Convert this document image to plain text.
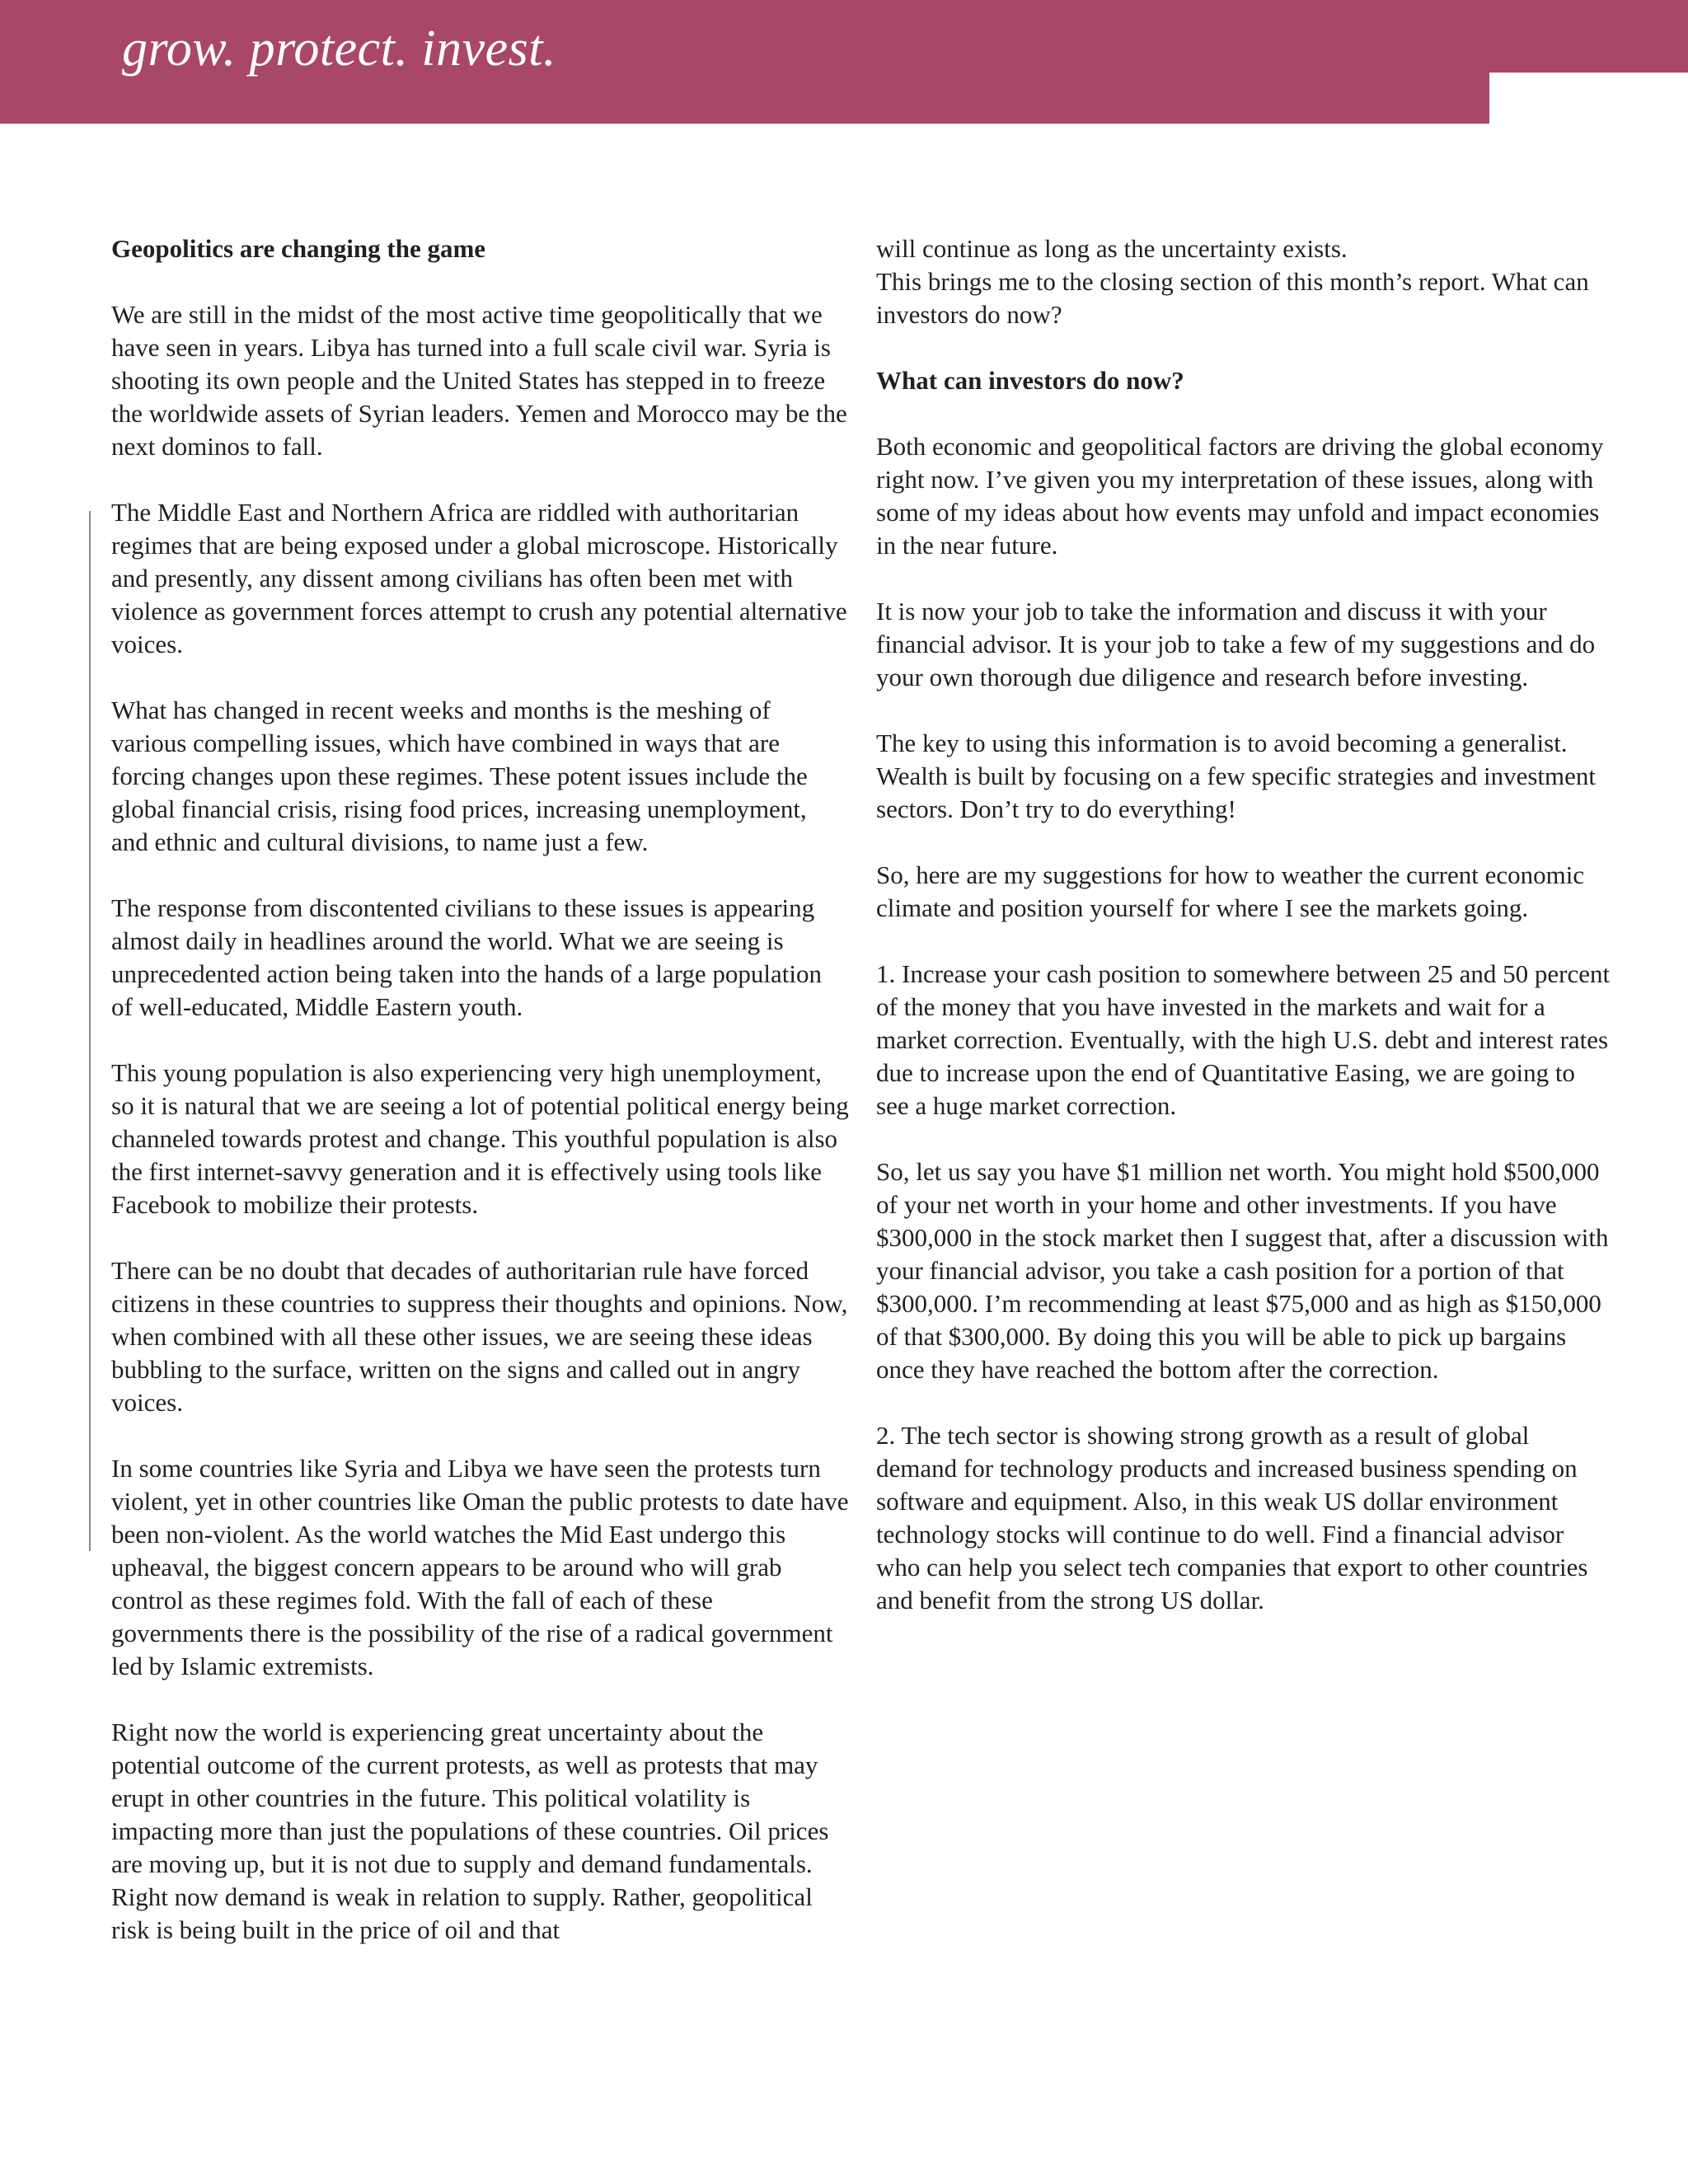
grow. protect. invest.
Geopolitics are changing the game

We are still in the midst of the most active time geopolitically that we have seen in years. Libya has turned into a full scale civil war. Syria is shooting its own people and the United States has stepped in to freeze the worldwide assets of Syrian leaders. Yemen and Morocco may be the next dominos to fall.

The Middle East and Northern Africa are riddled with authoritarian regimes that are being exposed under a global microscope. Historically and presently, any dissent among civilians has often been met with violence as government forces attempt to crush any potential alternative voices.

What has changed in recent weeks and months is the meshing of various compelling issues, which have combined in ways that are forcing changes upon these regimes. These potent issues include the global financial crisis, rising food prices, increasing unemployment, and ethnic and cultural divisions, to name just a few.

The response from discontented civilians to these issues is appearing almost daily in headlines around the world. What we are seeing is unprecedented action being taken into the hands of a large population of well-educated, Middle Eastern youth.

This young population is also experiencing very high unemployment, so it is natural that we are seeing a lot of potential political energy being channeled towards protest and change. This youthful population is also the first internet-savvy generation and it is effectively using tools like Facebook to mobilize their protests.

There can be no doubt that decades of authoritarian rule have forced citizens in these countries to suppress their thoughts and opinions. Now, when combined with all these other issues, we are seeing these ideas bubbling to the surface, written on the signs and called out in angry voices.

In some countries like Syria and Libya we have seen the protests turn violent, yet in other countries like Oman the public protests to date have been non-violent. As the world watches the Mid East undergo this upheaval, the biggest concern appears to be around who will grab control as these regimes fold. With the fall of each of these governments there is the possibility of the rise of a radical government led by Islamic extremists.

Right now the world is experiencing great uncertainty about the potential outcome of the current protests, as well as protests that may erupt in other countries in the future. This political volatility is impacting more than just the populations of these countries. Oil prices are moving up, but it is not due to supply and demand fundamentals. Right now demand is weak in relation to supply. Rather, geopolitical risk is being built in the price of oil and that

will continue as long as the uncertainty exists.

This brings me to the closing section of this month’s report. What can investors do now?

What can investors do now?

Both economic and geopolitical factors are driving the global economy right now. I’ve given you my interpretation of these issues, along with some of my ideas about how events may unfold and impact economies in the near future.

It is now your job to take the information and discuss it with your financial advisor. It is your job to take a few of my suggestions and do your own thorough due diligence and research before investing.

The key to using this information is to avoid becoming a generalist. Wealth is built by focusing on a few specific strategies and investment sectors. Don’t try to do everything!

So, here are my suggestions for how to weather the current economic climate and position yourself for where I see the markets going.

1. Increase your cash position to somewhere between 25 and 50 percent of the money that you have invested in the markets and wait for a market correction. Eventually, with the high U.S. debt and interest rates due to increase upon the end of Quantitative Easing, we are going to see a huge market correction.

So, let us say you have $1 million net worth. You might hold $500,000 of your net worth in your home and other investments. If you have $300,000 in the stock market then I suggest that, after a discussion with your financial advisor, you take a cash position for a portion of that $300,000. I’m recommending at least $75,000 and as high as $150,000 of that $300,000. By doing this you will be able to pick up bargains once they have reached the bottom after the correction.

2. The tech sector is showing strong growth as a result of global demand for technology products and increased business spending on software and equipment. Also, in this weak US dollar environment technology stocks will continue to do well. Find a financial advisor who can help you select tech companies that export to other countries and benefit from the strong US dollar.
